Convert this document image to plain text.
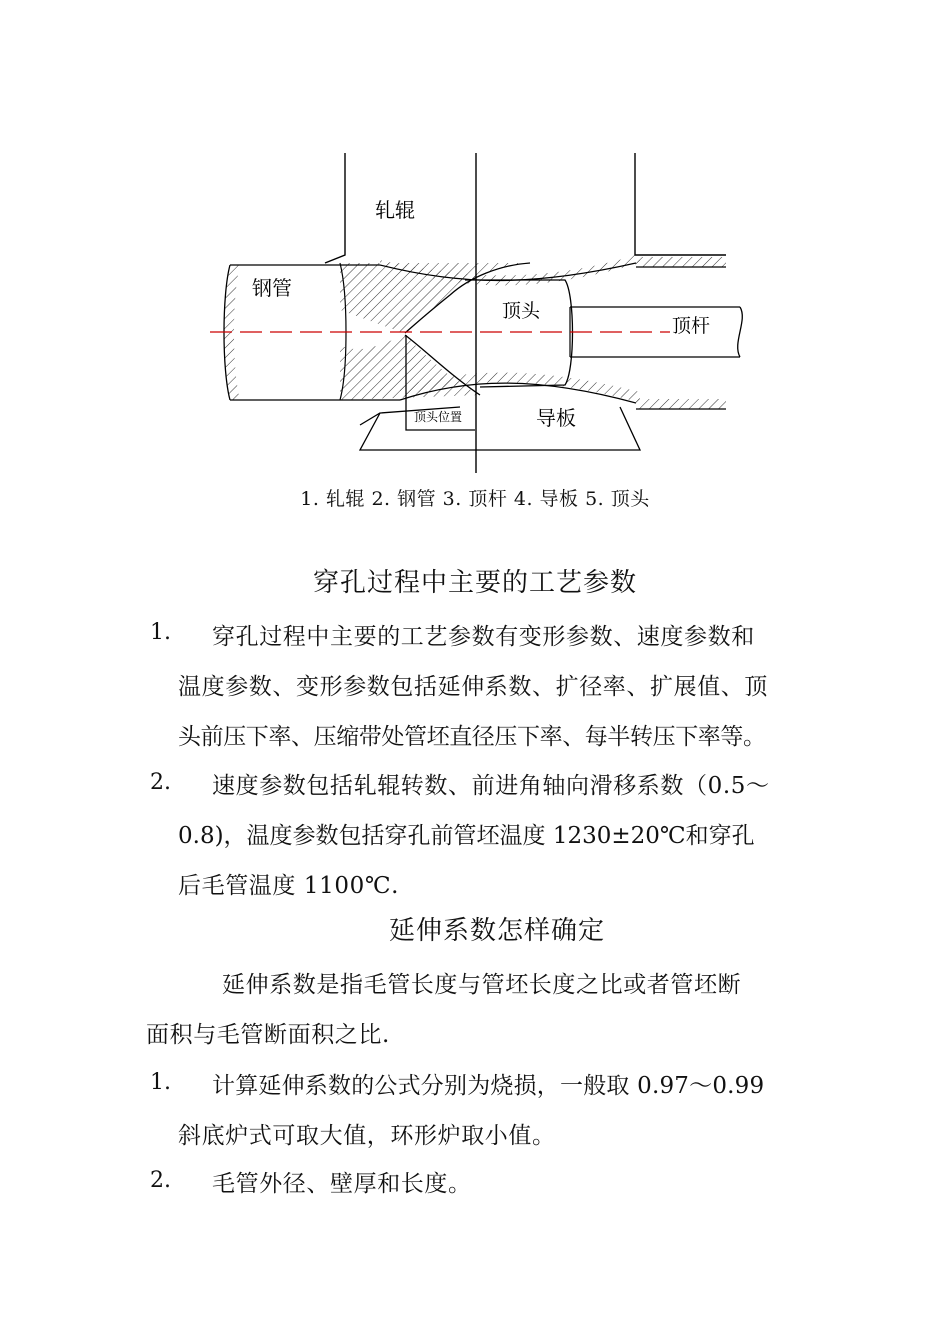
轧辊
钢管
顶头
顶杆
导板
顶头位置
1. 轧辊 2. 钢管 3. 顶杆 4. 导板 5. 顶头
穿孔过程中主要的工艺参数
1. 穿孔过程中主要的工艺参数有变形参数、速度参数和
温度参数、变形参数包括延伸系数、扩径率、扩展值、顶
头前压下率、压缩带处管坯直径压下率、每半转压下率等。
2. 速度参数包括轧辊转数、前进角轴向滑移系数（0.5～
0.8)，温度参数包括穿孔前管坯温度 1230±20℃和穿孔
后毛管温度 1100℃.
延伸系数怎样确定
延伸系数是指毛管长度与管坯长度之比或者管坯断
面积与毛管断面积之比.
1. 计算延伸系数的公式分别为烧损，一般取 0.97～0.99
斜底炉式可取大值，环形炉取小值。
2. 毛管外径、壁厚和长度。
